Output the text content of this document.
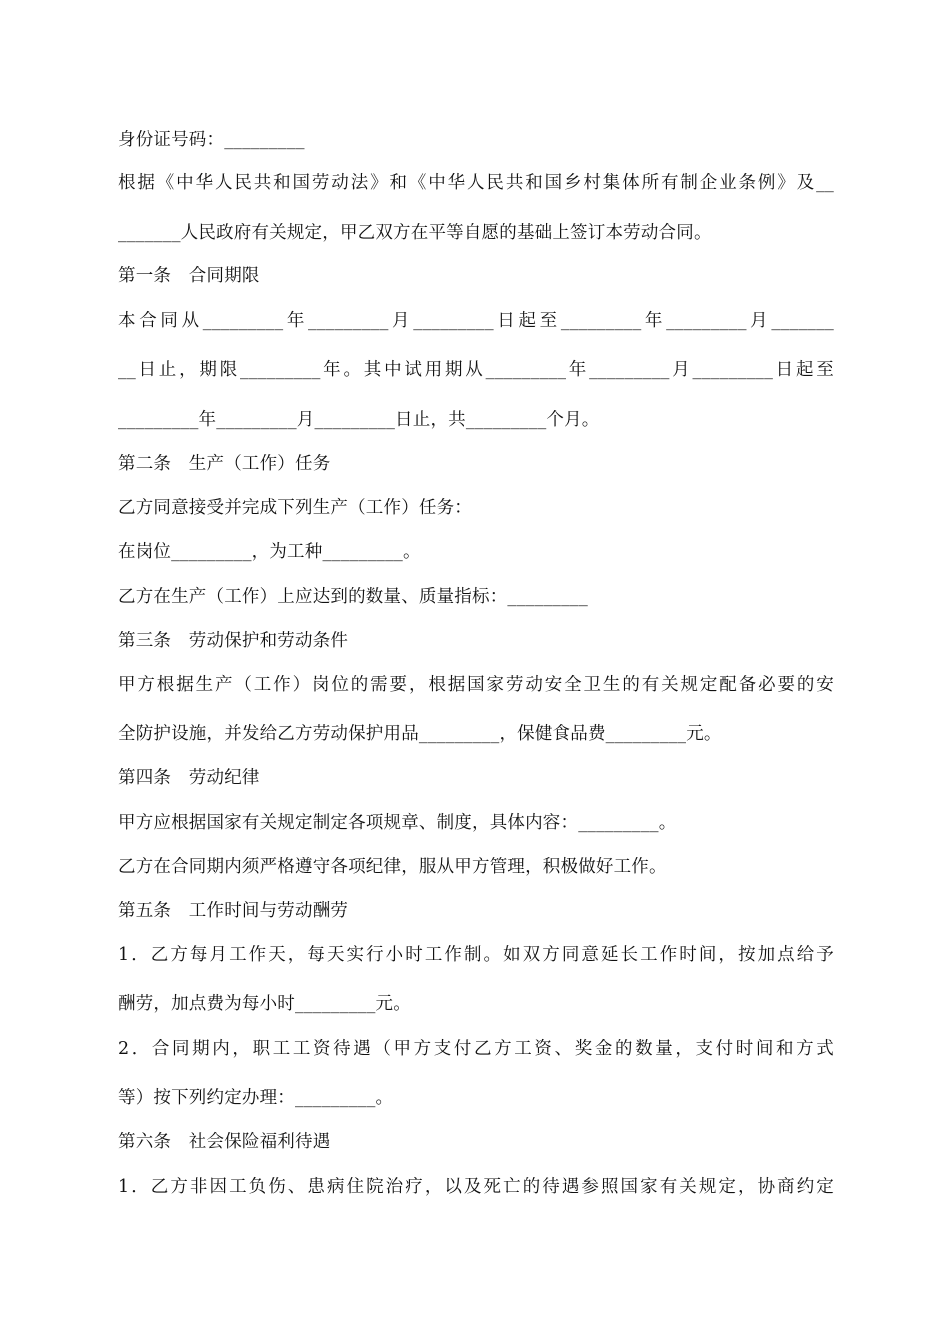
身份证号码：_________
根据《中华人民共和国劳动法》和《中华人民共和国乡村集体所有制企业条例》及__
_______人民政府有关规定，甲乙双方在平等自愿的基础上签订本劳动合同。
第一条　合同期限
本合同从_________年_________月_________日起至_________年_________月_______
__日止，期限_________年。其中试用期从_________年_________月_________日起至
_________年_________月_________日止，共_________个月。
第二条　生产（工作）任务
乙方同意接受并完成下列生产（工作）任务：
在岗位_________，为工种_________。
乙方在生产（工作）上应达到的数量、质量指标：_________
第三条　劳动保护和劳动条件
甲方根据生产（工作）岗位的需要，根据国家劳动安全卫生的有关规定配备必要的安
全防护设施，并发给乙方劳动保护用品_________，保健食品费_________元。
第四条　劳动纪律
甲方应根据国家有关规定制定各项规章、制度，具体内容：_________。
乙方在合同期内须严格遵守各项纪律，服从甲方管理，积极做好工作。
第五条　工作时间与劳动酬劳
1．乙方每月工作天，每天实行小时工作制。如双方同意延长工作时间，按加点给予
酬劳，加点费为每小时_________元。
2．合同期内，职工工资待遇（甲方支付乙方工资、奖金的数量，支付时间和方式
等）按下列约定办理：_________。
第六条　社会保险福利待遇
1．乙方非因工负伤、患病住院治疗，以及死亡的待遇参照国家有关规定，协商约定
